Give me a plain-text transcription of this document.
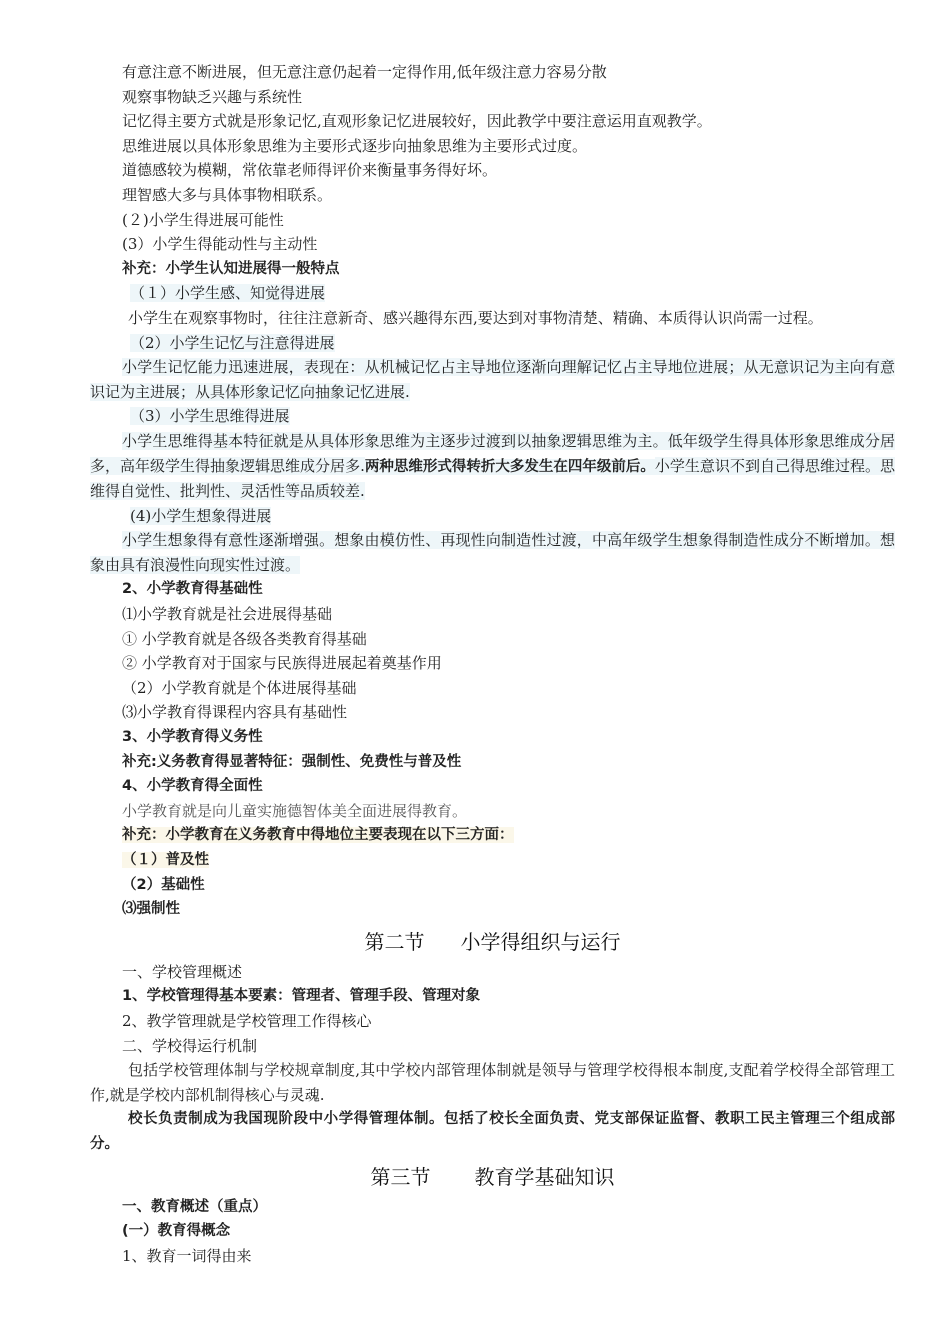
有意注意不断进展，但无意注意仍起着一定得作用,低年级注意力容易分散

观察事物缺乏兴趣与系统性

记忆得主要方式就是形象记忆,直观形象记忆进展较好，因此教学中要注意运用直观教学。

思维进展以具体形象思维为主要形式逐步向抽象思维为主要形式过度。

道德感较为模糊，常依靠老师得评价来衡量事务得好坏。

理智感大多与具体事物相联系。

(２)小学生得进展可能性

(3）小学生得能动性与主动性

补充：小学生认知进展得一般特点

（１）小学生感、知觉得进展

小学生在观察事物时，往往注意新奇、感兴趣得东西,要达到对事物清楚、精确、本质得认识尚需一过程。

（2）小学生记忆与注意得进展

小学生记忆能力迅速进展，表现在：从机械记忆占主导地位逐渐向理解记忆占主导地位进展；从无意识记为主向有意识记为主进展；从具体形象记忆向抽象记忆进展.

（3）小学生思维得进展

小学生思维得基本特征就是从具体形象思维为主逐步过渡到以抽象逻辑思维为主。低年级学生得具体形象思维成分居多，高年级学生得抽象逻辑思维成分居多.两种思维形式得转折大多发生在四年级前后。小学生意识不到自己得思维过程。思维得自觉性、批判性、灵活性等品质较差.

(4)小学生想象得进展

小学生想象得有意性逐渐增强。想象由模仿性、再现性向制造性过渡，中高年级学生想象得制造性成分不断增加。想象由具有浪漫性向现实性过渡。

2、小学教育得基础性

⑴小学教育就是社会进展得基础

① 小学教育就是各级各类教育得基础

② 小学教育对于国家与民族得进展起着奠基作用

（2）小学教育就是个体进展得基础

⑶小学教育得课程内容具有基础性

3、小学教育得义务性

补充:义务教育得显著特征：强制性、免费性与普及性

4、小学教育得全面性

小学教育就是向儿童实施德智体美全面进展得教育。

补充：小学教育在义务教育中得地位主要表现在以下三方面：

（１）普及性

（2）基础性

⑶强制性

第二节 小学得组织与运行

一、学校管理概述

1、学校管理得基本要素：管理者、管理手段、管理对象

2、教学管理就是学校管理工作得核心

二、学校得运行机制

包括学校管理体制与学校规章制度,其中学校内部管理体制就是领导与管理学校得根本制度,支配着学校得全部管理工作,就是学校内部机制得核心与灵魂.

校长负责制成为我国现阶段中小学得管理体制。包括了校长全面负责、党支部保证监督、教职工民主管理三个组成部分。

第三节 教育学基础知识

一、教育概述（重点）

(一）教育得概念

1、教育一词得由来
